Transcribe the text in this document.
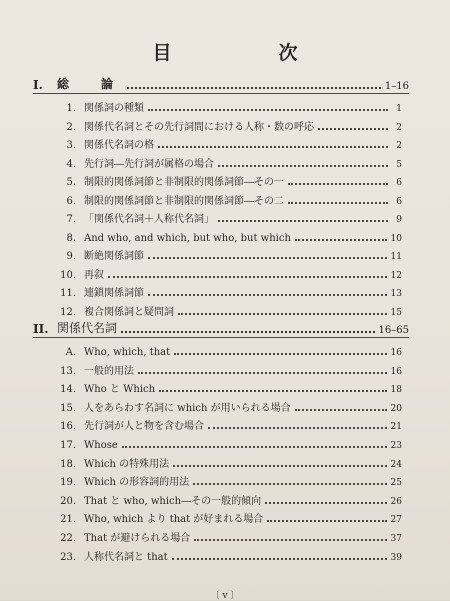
目　次
I.	総　論	1–16
1. 関係詞の種類	1
2. 関係代名詞とその先行詞間における人称・数の呼応	2
3. 関係代名詞の格	2
4. 先行詞―先行詞が属格の場合	5
5. 制限的関係詞節と非制限的関係詞節―その一	6
6. 制限的関係詞節と非制限的関係詞節―その二	6
7. 「関係代名詞＋人称代名詞」	9
8. And who, and which, but who, but which	10
9. 断絶関係詞節	11
10. 再叙	12
11. 連鎖関係詞節	13
12. 複合関係詞と疑問詞	15
II. 関係代名詞	16–65
A. Who, which, that	16
13. 一般的用法	16
14. Who と Which	18
15. 人をあらわす名詞に which が用いられる場合	20
16. 先行詞が人と物を含む場合	21
17. Whose	23
18. Which の特殊用法	24
19. Which の形容詞的用法	25
20. That と who, which―その一般的傾向	26
21. Who, which より that が好まれる場合	27
22. That が避けられる場合	37
23. 人称代名詞と that	39
〔 v 〕
